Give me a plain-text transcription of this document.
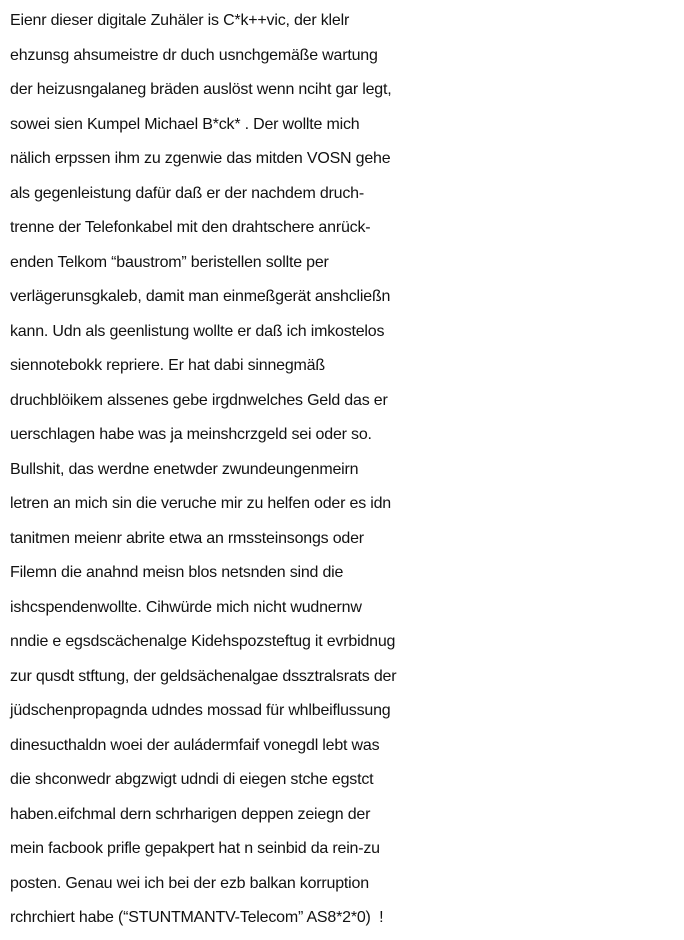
Eienr dieser digitale Zuhäler is C*k++vic, der klelr
ehzunsg ahsumeistre dr duch usnchgemäße wartung
der heizusngalaneg bräden auslöst wenn nciht gar legt,
sowei sien Kumpel Michael B*ck* . Der wollte mich
nälich erpssen ihm zu zgenwie das mitden VOSN gehe
als gegenleistung dafür daß er der nachdem druch-
trenne der Telefonkabel mit den drahtschere anrück-
enden Telkom “baustrom” beristellen sollte per
verlägerunsgkaleb, damit man einmeßgerät anshcließn
kann. Udn als geenlistung wollte er daß ich imkostelos
siennotebokk repriere. Er hat dabi sinnegmäß
druchblöikem alssenes gebe irgdnwelches Geld das er
uerschlagen habe was ja meinshcrzgeld sei oder so.
Bullshit, das werdne enetwder zwundeungenmeirn
letren an mich sin die veruche mir zu helfen oder es idn
tanitmen meienr abrite etwa an rmssteinsongs oder
Filemn die anahnd meisn blos netsnden sind die
ishcspendenwollte. Cihwürde mich nicht wudnernw
nndie e egsdscächenalge Kidehspozsteftug it evrbidnug
zur qusdt stftung, der geldsächenalgae dssztralsrats der
jüdschenpropagnda udndes mossad für whlbeiflussung
dinesucthaldn woei der auládermfaif vonegdl lebt was
die shconwedr abgzwigt udndi di eiegen stche egstct
haben.eifchmal dern schrharigen deppen zeiegn der
mein facbook prifle gepakpert hat n seinbid da rein-zu
posten. Genau wei ich bei der ezb balkan korruption
rchrchiert habe (“STUNTMANTV-Telecom” AS8*2*0)  !
